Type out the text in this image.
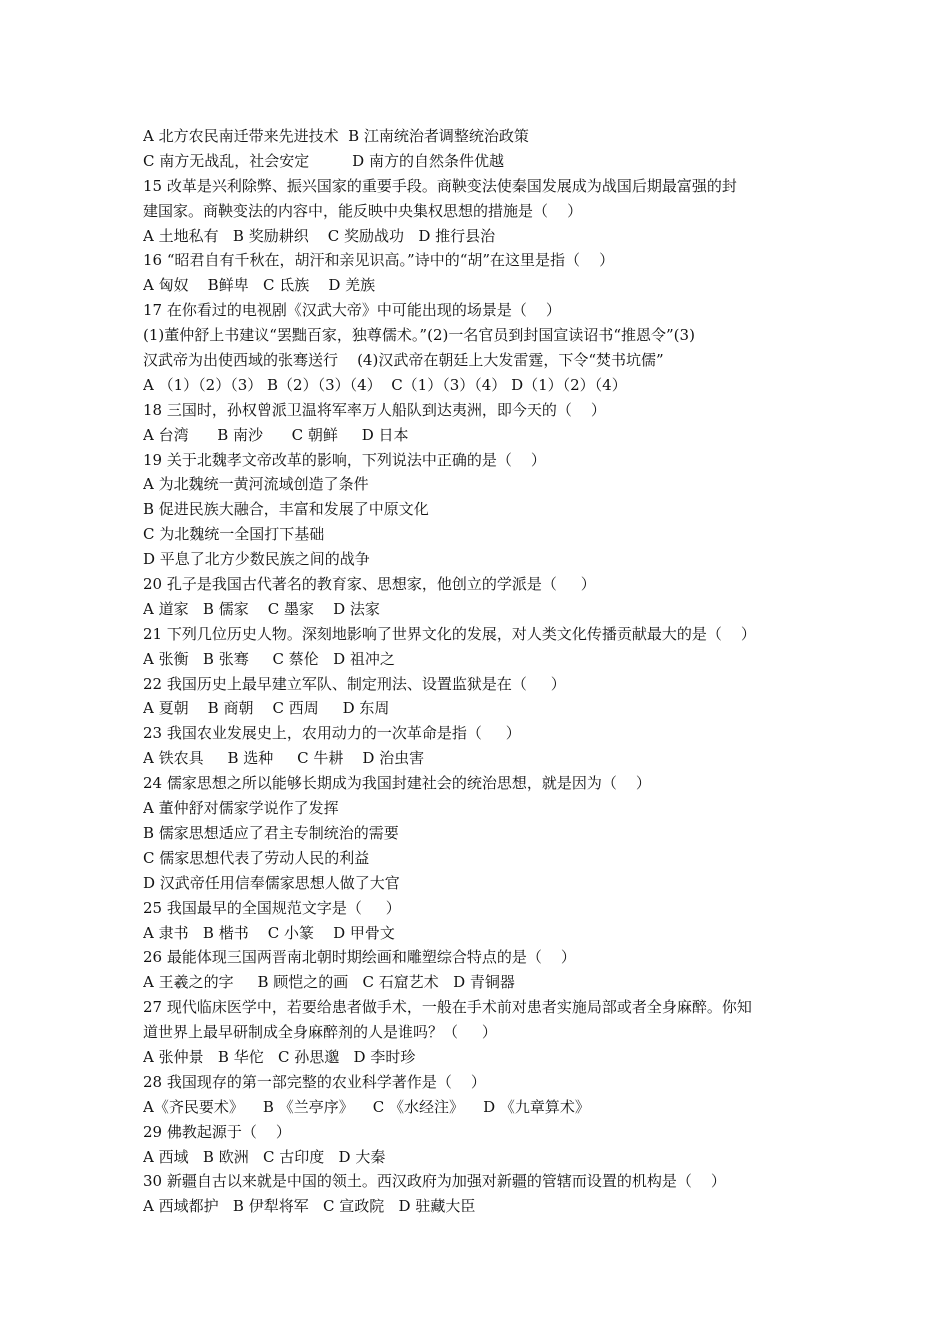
A 北方农民南迁带来先进技术  B 江南统治者调整统治政策
C 南方无战乱，社会安定         D 南方的自然条件优越
15 改革是兴利除弊、振兴国家的重要手段。商鞅变法使秦国发展成为战国后期最富强的封
建国家。商鞅变法的内容中，能反映中央集权思想的措施是（    ）
A 土地私有   B 奖励耕织    C 奖励战功   D 推行县治
16 “昭君自有千秋在，胡汗和亲见识高。”诗中的“胡”在这里是指（    ）
A 匈奴    B鲜卑   C 氐族    D 羌族
17 在你看过的电视剧《汉武大帝》中可能出现的场景是（    ）
(1)董仲舒上书建议“罢黜百家，独尊儒术。”(2)一名官员到封国宣读诏书“推恩令”(3)
汉武帝为出使西域的张骞送行    (4)汉武帝在朝廷上大发雷霆，下令“焚书坑儒”
A （1）（2）（3） B（2）（3）（4）  C（1）（3）（4） D（1）（2）（4）
18 三国时，孙权曾派卫温将军率万人船队到达夷洲，即今天的（    ）
A 台湾      B 南沙      C 朝鲜     D 日本
19 关于北魏孝文帝改革的影响，下列说法中正确的是（    ）
A 为北魏统一黄河流域创造了条件
B 促进民族大融合，丰富和发展了中原文化
C 为北魏统一全国打下基础
D 平息了北方少数民族之间的战争
20 孔子是我国古代著名的教育家、思想家，他创立的学派是（     ）
A 道家   B 儒家    C 墨家    D 法家
21 下列几位历史人物。深刻地影响了世界文化的发展，对人类文化传播贡献最大的是（    ）
A 张衡   B 张骞     C 蔡伦   D 祖冲之
22 我国历史上最早建立军队、制定刑法、设置监狱是在（     ）
A 夏朝    B 商朝    C 西周     D 东周
23 我国农业发展史上，农用动力的一次革命是指（     ）
A 铁农具     B 选种     C 牛耕    D 治虫害
24 儒家思想之所以能够长期成为我国封建社会的统治思想，就是因为（    ）
A 董仲舒对儒家学说作了发挥
B 儒家思想适应了君主专制统治的需要
C 儒家思想代表了劳动人民的利益
D 汉武帝任用信奉儒家思想人做了大官
25 我国最早的全国规范文字是（     ）
A 隶书   B 楷书    C 小篆    D 甲骨文
26 最能体现三国两晋南北朝时期绘画和雕塑综合特点的是（    ）
A 王羲之的字     B 顾恺之的画   C 石窟艺术   D 青铜器
27 现代临床医学中，若要给患者做手术，一般在手术前对患者实施局部或者全身麻醉。你知
道世界上最早研制成全身麻醉剂的人是谁吗？（     ）
A 张仲景   B 华佗   C 孙思邈   D 李时珍
28 我国现存的第一部完整的农业科学著作是（    ）
A《齐民要术》    B 《兰亭序》    C 《水经注》    D 《九章算术》
29 佛教起源于（    ）
A 西域   B 欧洲   C 古印度   D 大秦
30 新疆自古以来就是中国的领土。西汉政府为加强对新疆的管辖而设置的机构是（    ）
A 西域都护   B 伊犁将军   C 宣政院   D 驻藏大臣
